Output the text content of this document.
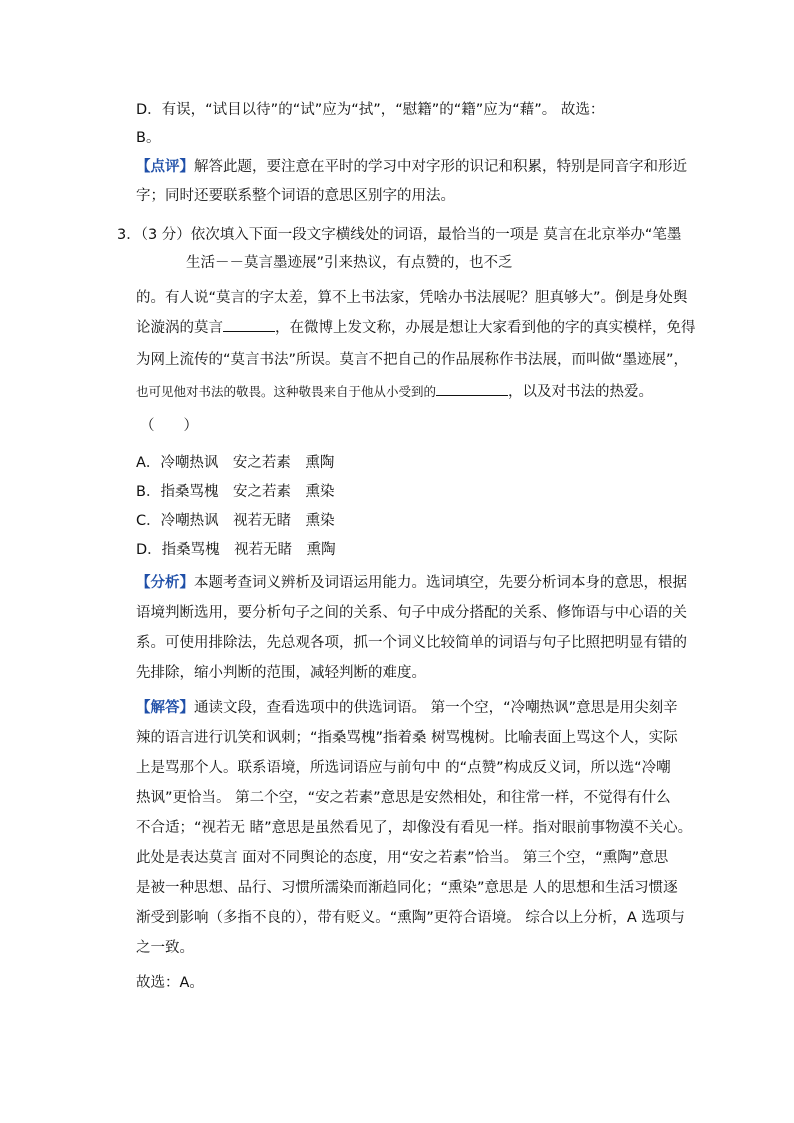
D．有误，“试目以待”的“试”应为“拭”，“慰籍”的“籍”应为“藉”。 故选：
B。
【点评】解答此题，要注意在平时的学习中对字形的识记和积累，特别是同音字和形近
字；同时还要联系整个词语的意思区别字的用法。
3．（3 分）依次填入下面一段文字横线处的词语，最恰当的一项是 莫言在北京举办“笔墨
生活－－莫言墨迹展”引来热议，有点赞的，也不乏
的。有人说“莫言的字太差，算不上书法家，凭啥办书法展呢？胆真够大”。倒是身处舆
论漩涡的莫言	，在微博上发文称，办展是想让大家看到他的字的真实模样，免得
为网上流传的“莫言书法”所误。莫言不把自己的作品展称作书法展，而叫做“墨迹展”，
也可见他对书法的敬畏。这种敬畏来自于他从小受到的	，以及对书法的热爱。
（　　）
A．冷嘲热讽　安之若素　熏陶
B．指桑骂槐　安之若素　熏染
C．冷嘲热讽　视若无睹　熏染
D．指桑骂槐　视若无睹　熏陶
【分析】本题考查词义辨析及词语运用能力。选词填空，先要分析词本身的意思，根据
语境判断选用，要分析句子之间的关系、句子中成分搭配的关系、修饰语与中心语的关
系。可使用排除法，先总观各项，抓一个词义比较简单的词语与句子比照把明显有错的
先排除，缩小判断的范围，减轻判断的难度。
【解答】通读文段，查看选项中的供选词语。 第一个空，“冷嘲热讽”意思是用尖刻辛
辣的语言进行讥笑和讽刺；“指桑骂槐”指着桑 树骂槐树。比喻表面上骂这个人，实际
上是骂那个人。联系语境，所选词语应与前句中 的“点赞”构成反义词，所以选“冷嘲
热讽”更恰当。 第二个空，“安之若素”意思是安然相处，和往常一样，不觉得有什么
不合适；“视若无 睹”意思是虽然看见了，却像没有看见一样。指对眼前事物漠不关心。
此处是表达莫言 面对不同舆论的态度，用“安之若素”恰当。 第三个空，“熏陶”意思
是被一种思想、品行、习惯所濡染而渐趋同化；“熏染”意思是 人的思想和生活习惯逐
渐受到影响（多指不良的），带有贬义。“熏陶”更符合语境。 综合以上分析，A 选项与
之一致。
故选：A。
